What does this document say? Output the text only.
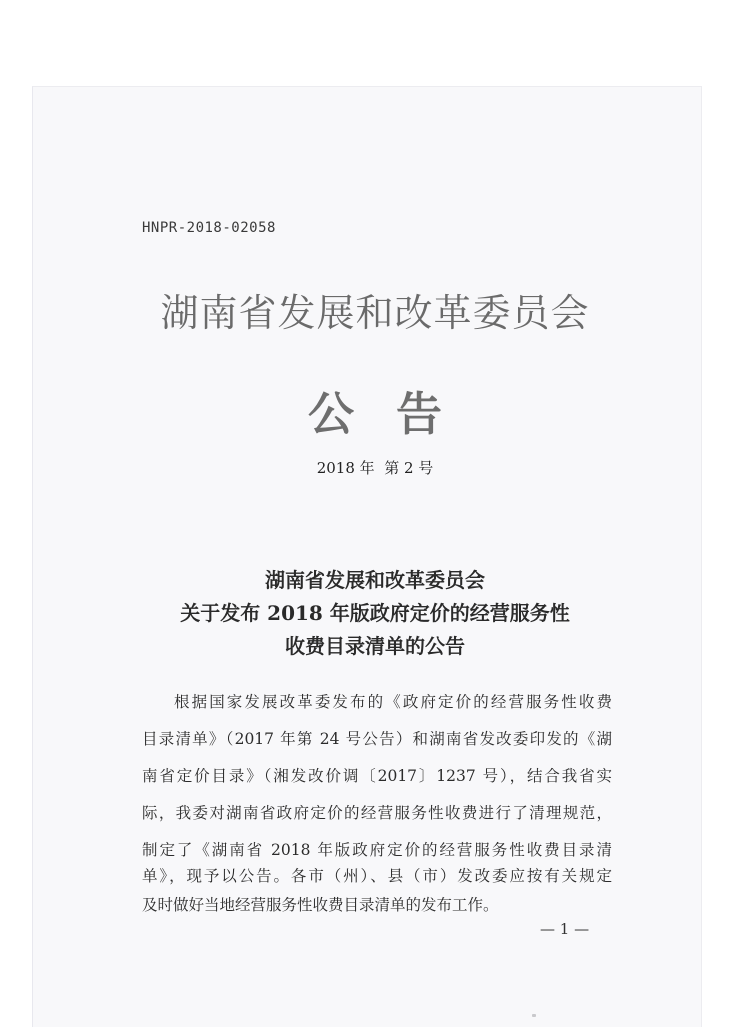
HNPR-2018-02058
湖南省发展和改革委员会
公 告
2018 年  第 2 号
湖南省发展和改革委员会
关于发布 2018 年版政府定价的经营服务性
收费目录清单的公告
根据国家发展改革委发布的《政府定价的经营服务性收费
目录清单》（2017 年第 24 号公告）和湖南省发改委印发的《湖
南省定价目录》（湘发改价调〔2017〕1237 号），结合我省实
际，我委对湖南省政府定价的经营服务性收费进行了清理规范，
制定了《湖南省 2018 年版政府定价的经营服务性收费目录清
单》，现予以公告。各市（州）、县（市）发改委应按有关规定
及时做好当地经营服务性收费目录清单的发布工作。
— 1 —
